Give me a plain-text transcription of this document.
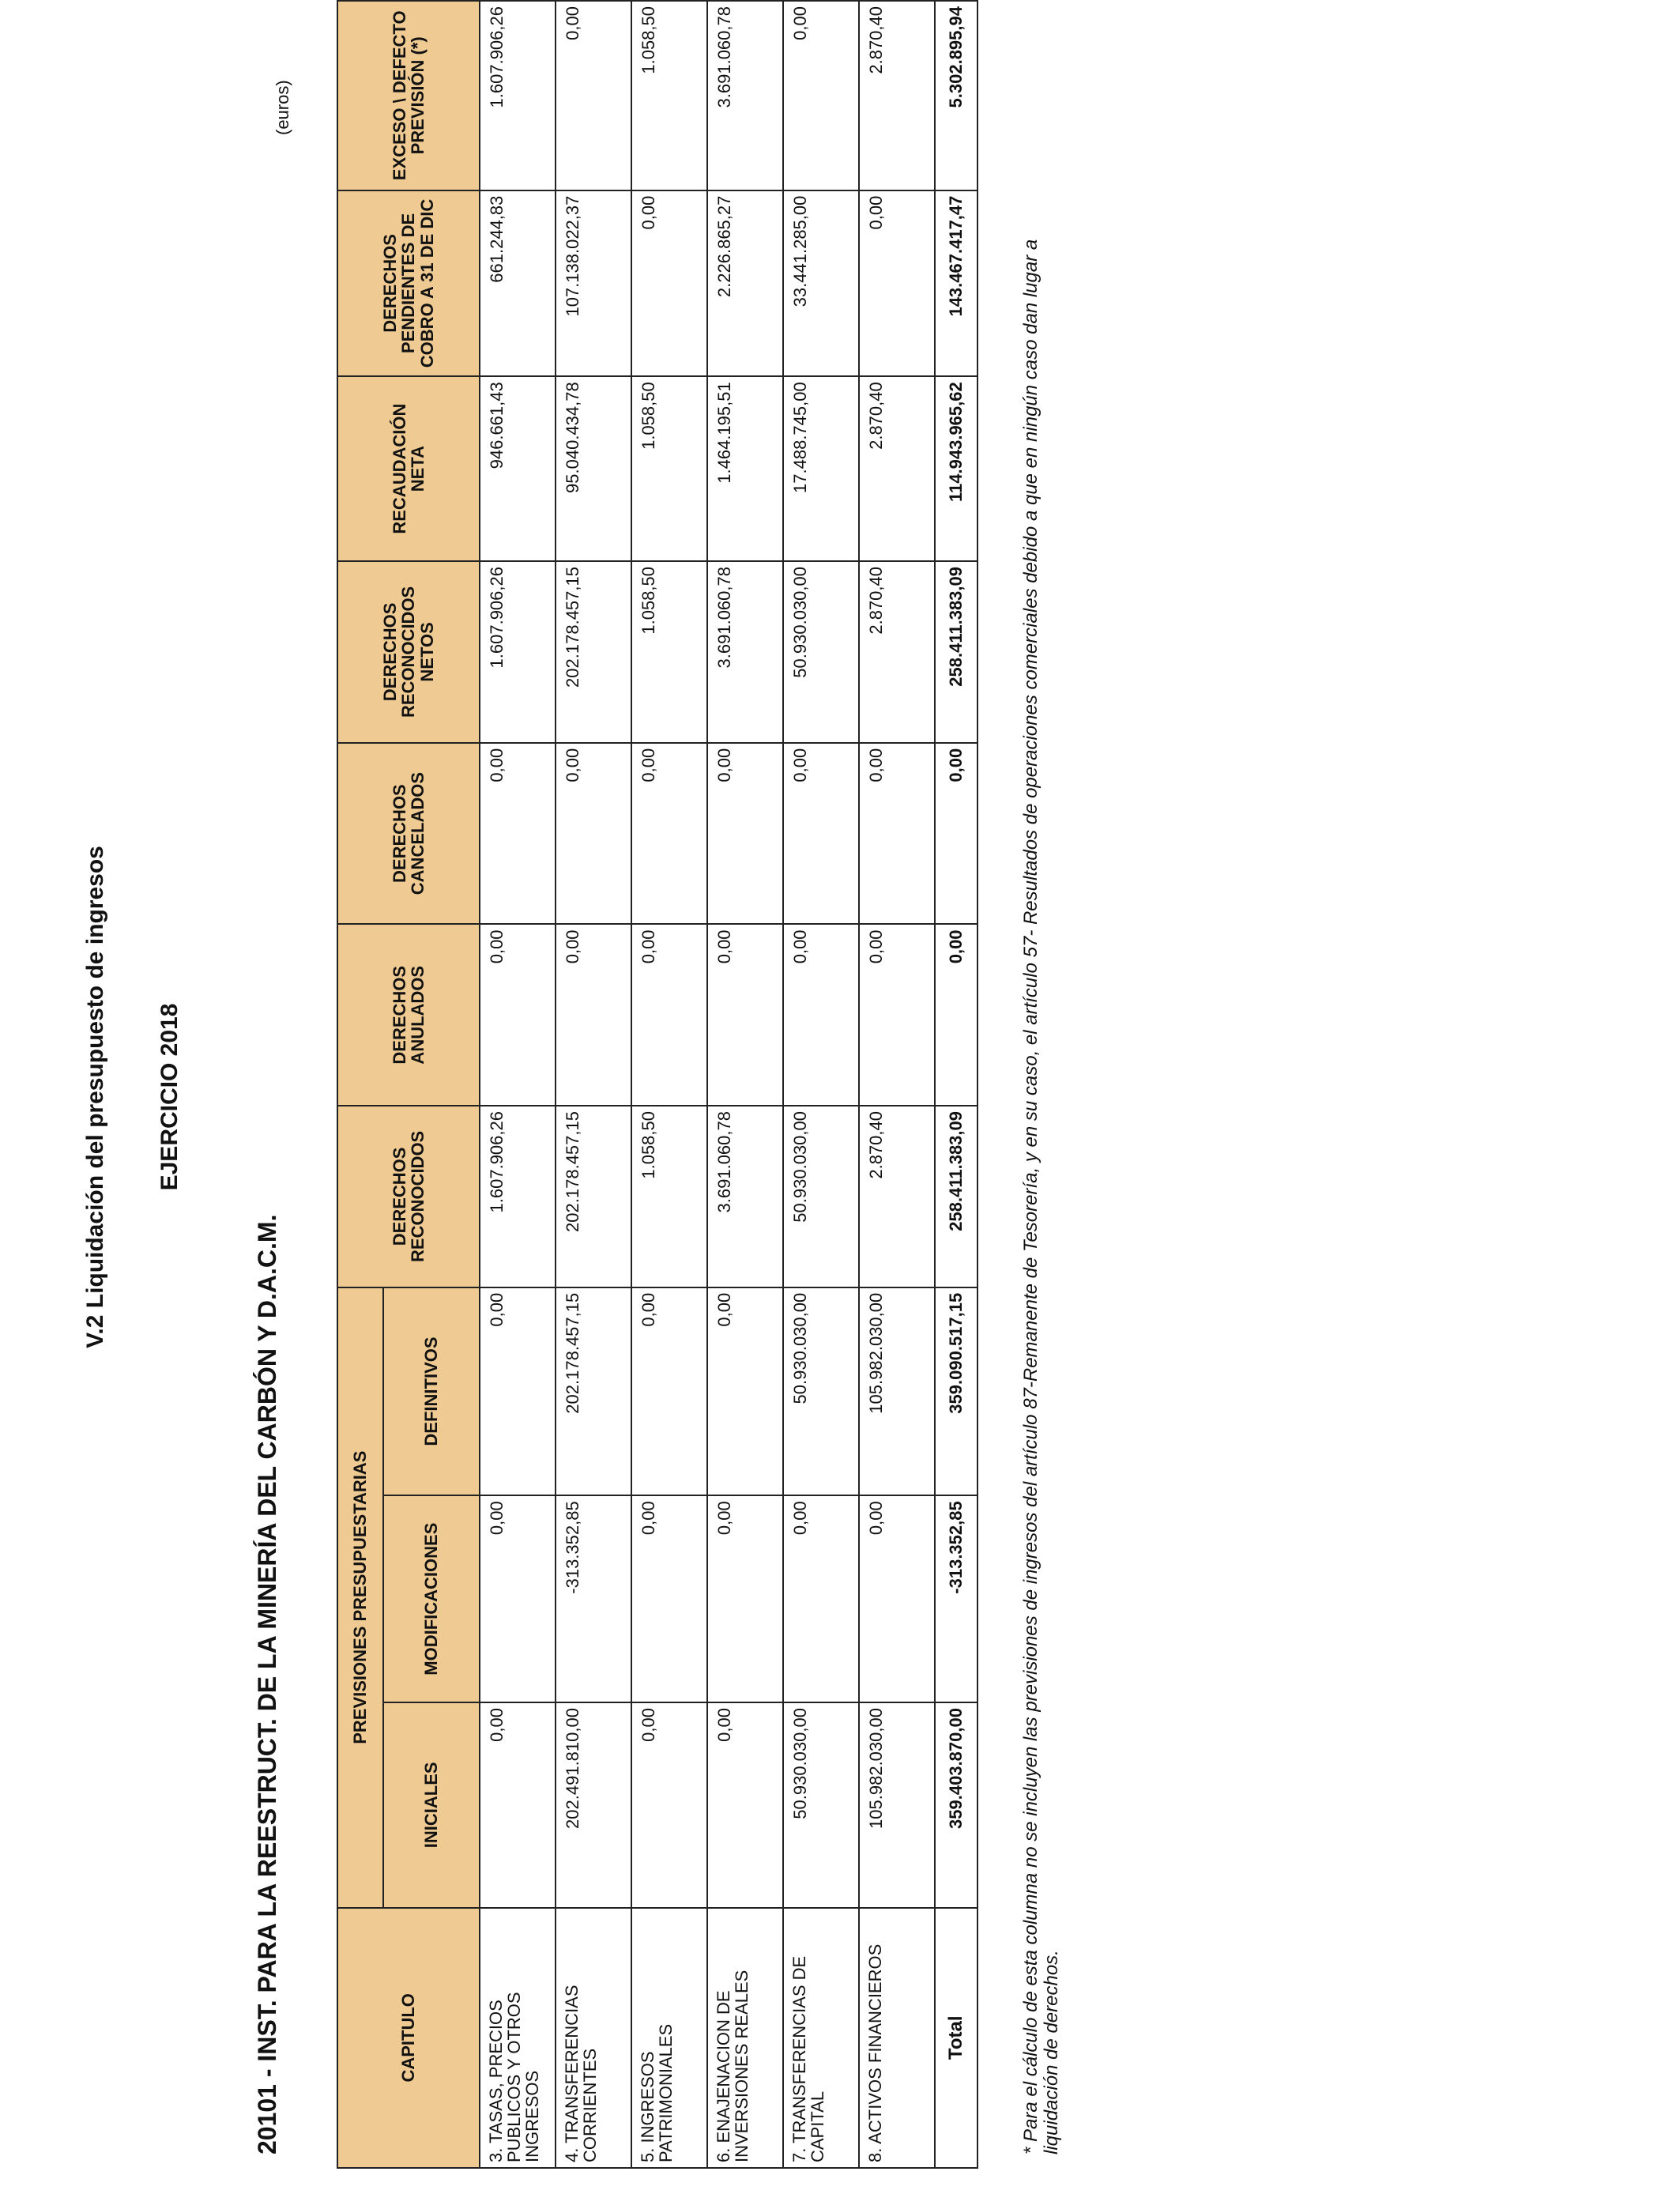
V.2 Liquidación del presupuesto de ingresos EJERCICIO 2018
20101 - INST. PARA LA REESTRUCT. DE LA MINERÍA DEL CARBÓN Y D.A.C.M.
(euros)
CAPITULO	PREVISIONES PRESUPUESTARIAS			DERECHOS RECONOCIDOS	DERECHOS ANULADOS	DERECHOS CANCELADOS	DERECHOS RECONOCIDOS NETOS	RECAUDACIÓN NETA	DERECHOS PENDIENTES DE COBRO A 31 DE DIC	EXCESO \ DEFECTO PREVISIÓN (*)
	INICIALES	MODIFICACIONES	DEFINITIVOS							
3. TASAS, PRECIOS PUBLICOS Y OTROS INGRESOS	0,00	0,00	0,00	1.607.906,26	0,00	0,00	1.607.906,26	946.661,43	661.244,83	1.607.906,26
4. TRANSFERENCIAS CORRIENTES	202.491.810,00	-313.352,85	202.178.457,15	202.178.457,15	0,00	0,00	202.178.457,15	95.040.434,78	107.138.022,37	0,00
5. INGRESOS PATRIMONIALES	0,00	0,00	0,00	1.058,50	0,00	0,00	1.058,50	1.058,50	0,00	1.058,50
6. ENAJENACION DE INVERSIONES REALES	0,00	0,00	0,00	3.691.060,78	0,00	0,00	3.691.060,78	1.464.195,51	2.226.865,27	3.691.060,78
7. TRANSFERENCIAS DE CAPITAL	50.930.030,00	0,00	50.930.030,00	50.930.030,00	0,00	0,00	50.930.030,00	17.488.745,00	33.441.285,00	0,00
8. ACTIVOS FINANCIEROS	105.982.030,00	0,00	105.982.030,00	2.870,40	0,00	0,00	2.870,40	2.870,40	0,00	2.870,40
Total	359.403.870,00	-313.352,85	359.090.517,15	258.411.383,09	0,00	0,00	258.411.383,09	114.943.965,62	143.467.417,47	5.302.895,94
* Para el cálculo de esta columna no se incluyen las previsiones de ingresos del artículo 87-Remanente de Tesorería, y en su caso, el artículo 57- Resultados de operaciones comerciales debido a que en ningún caso dan lugar a liquidación de derechos.
